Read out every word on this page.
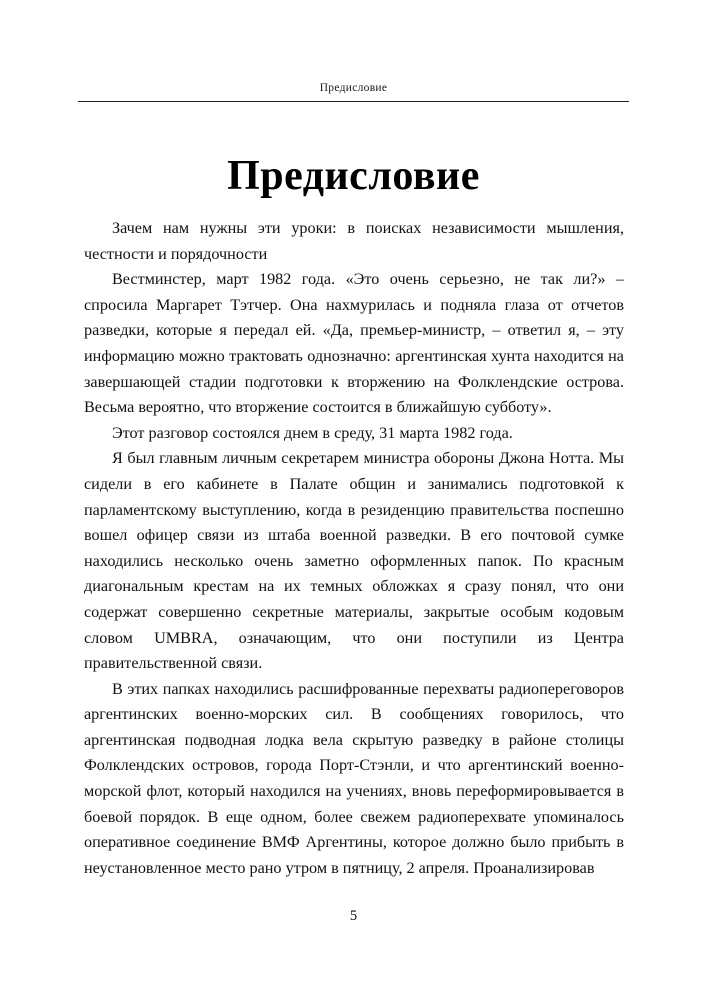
Предисловие
Предисловие

Зачем нам нужны эти уроки: в поисках независимости мышления, честности и порядочности

Вестминстер, март 1982 года. «Это очень серьезно, не так ли?» – спросила Маргарет Тэтчер. Она нахмурилась и подняла глаза от отчетов разведки, которые я передал ей. «Да, премьер-министр, – ответил я, – эту информацию можно трактовать однозначно: аргентинская хунта находится на завершающей стадии подготовки к вторжению на Фолклендские острова. Весьма вероятно, что вторжение состоится в ближайшую субботу».

Этот разговор состоялся днем в среду, 31 марта 1982 года.

Я был главным личным секретарем министра обороны Джона Нотта. Мы сидели в его кабинете в Палате общин и занимались подготовкой к парламентскому выступлению, когда в резиденцию правительства поспешно вошел офицер связи из штаба военной разведки. В его почтовой сумке находились несколько очень заметно оформленных папок. По красным диагональным крестам на их темных обложках я сразу понял, что они содержат совершенно секретные материалы, закрытые особым кодовым словом UMBRA, означающим, что они поступили из Центра правительственной связи.

В этих папках находились расшифрованные перехваты радиопереговоров аргентинских военно-морских сил. В сообщениях говорилось, что аргентинская подводная лодка вела скрытую разведку в районе столицы Фолклендских островов, города Порт-Стэнли, и что аргентинский военно-морской флот, который находился на учениях, вновь переформировывается в боевой порядок. В еще одном, более свежем радиоперехвате упоминалось оперативное соединение ВМФ Аргентины, которое должно было прибыть в неустановленное место рано утром в пятницу, 2 апреля. Проанализировав

5
